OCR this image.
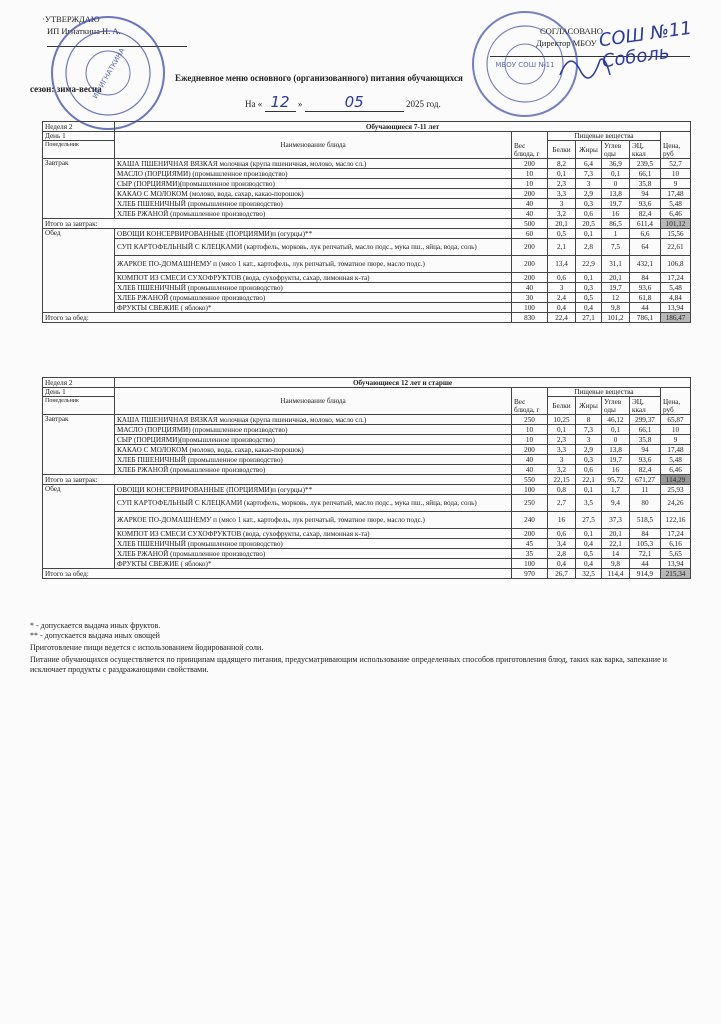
·УТВЕРЖДАЮ
ИП Игнаткина Н. А.	СОГЛАСОВАНО
Директор МБОУ
Ежедневное меню основного (организованного) питания обучающихся
сезон: зима-весна
На « 12 »	05	2025 год.
ИП ИГНАТКИНА	МБОУ СОШ №11
СОШ №11 Соболь
Неделя 2	Обучающиеся 7-11 лет						
День 1	Наименование блюда	Вес блюда, г	Пищевые вещества				Цена, руб
Понедельник			Белки	Жиры	Углев оды	ЭЦ, ккал	

Завтрак	КАША ПШЕНИЧНАЯ ВЯЗКАЯ молочная (крупа пшеничная, молоко, масло сл.)	200	8,2	6,4	36,9	239,5	52,7
	МАСЛО (ПОРЦИЯМИ) (промышленное производство)	10	0,1	7,3	0,1	66,1	10
	СЫР (ПОРЦИЯМИ)(промышленное производство)	10	2,3	3	0	35,8	9
	КАКАО С МОЛОКОМ (молоко, вода, сахар, какао-порошок)	200	3,3	2,9	13,8	94	17,48
	ХЛЕБ ПШЕНИЧНЫЙ (промышленное производство)	40	3	0,3	19,7	93,6	5,48
	ХЛЕБ РЖАНОЙ (промышленное производство)	40	3,2	0,6	16	82,4	6,46
Итого за завтрак:		500	20,1	20,5	86,5	611,4	101,12
Обед	ОВОЩИ КОНСЕРВИРОВАННЫЕ (ПОРЦИЯМИ)п (огурцы)**	60	0,5	0,1	1	6,6	15,56
	СУП КАРТОФЕЛЬНЫЙ С КЛЕЦКАМИ (картофель, морковь, лук репчатый, масло подс., мука пш., яйца, вода, соль)	200	2,1	2,8	7,5	64	22,61
	ЖАРКОЕ ПО-ДОМАШНЕМУ п (мясо 1 кат., картофель, лук репчатый, томатное пюре, масло подс.)	200	13,4	22,9	31,1	432,1	106,8
	КОМПОТ ИЗ СМЕСИ СУХОФРУКТОВ (вода, сухофрукты, сахар, лимонная к-та)	200	0,6	0,1	20,1	84	17,24
	ХЛЕБ ПШЕНИЧНЫЙ (промышленное производство)	40	3	0,3	19,7	93,6	5,48
	ХЛЕБ РЖАНОЙ (промышленное производство)	30	2,4	0,5	12	61,8	4,84
	ФРУКТЫ СВЕЖИЕ ( яблоко)*	100	0,4	0,4	9,8	44	13,94
Итого за обед:		830	22,4	27,1	101,2	786,1	186,47
Неделя 2	Обучающиеся 12 лет и старше						
День 1	Наименование блюда	Вес блюда, г	Пищевые вещества				Цена, руб
Понедельник			Белки	Жиры	Углев оды	ЭЦ, ккал	

Завтрак	КАША ПШЕНИЧНАЯ ВЯЗКАЯ молочная (крупа пшеничная, молоко, масло сл.)	250	10,25	8	46,12	299,37	65,87
	МАСЛО (ПОРЦИЯМИ) (промышленное производство)	10	0,1	7,3	0,1	66,1	10
	СЫР (ПОРЦИЯМИ)(промышленное производство)	10	2,3	3	0	35,8	9
	КАКАО С МОЛОКОМ (молоко, вода, сахар, какао-порошок)	200	3,3	2,9	13,8	94	17,48
	ХЛЕБ ПШЕНИЧНЫЙ (промышленное производство)	40	3	0,3	19,7	93,6	5,48
	ХЛЕБ РЖАНОЙ (промышленное производство)	40	3,2	0,6	16	82,4	6,46
Итого за завтрак:		550	22,15	22,1	95,72	671,27	114,29
Обед	ОВОЩИ КОНСЕРВИРОВАННЫЕ (ПОРЦИЯМИ)п (огурцы)**	100	0,8	0,1	1,7	11	25,93
	СУП КАРТОФЕЛЬНЫЙ С КЛЕЦКАМИ (картофель, морковь, лук репчатый, масло подс., мука пш., яйца, вода, соль)	250	2,7	3,5	9,4	80	24,26
	ЖАРКОЕ ПО-ДОМАШНЕМУ п (мясо 1 кат., картофель, лук репчатый, томатное пюре, масло подс.)	240	16	27,5	37,3	518,5	122,16
	КОМПОТ ИЗ СМЕСИ СУХОФРУКТОВ (вода, сухофрукты, сахар, лимонная к-та)	200	0,6	0,1	20,1	84	17,24
	ХЛЕБ ПШЕНИЧНЫЙ (промышленное производство)	45	3,4	0,4	22,1	105,3	6,16
	ХЛЕБ РЖАНОЙ (промышленное производство)	35	2,8	0,5	14	72,1	5,65
	ФРУКТЫ СВЕЖИЕ ( яблоко)*	100	0,4	0,4	9,8	44	13,94
Итого за обед:		970	26,7	32,5	114,4	914,9	215,34
* - допускается выдача иных фруктов.
** - допускается выдача иных овощей
Приготовление пищи ведется с использованием йодированной соли.
Питание обучающихся осуществляется по принципам щадящего питания, предусматривающим использование определенных способов приготовления блюд, таких как варка, запекание и исключает продукты с раздражающими свойствами.
